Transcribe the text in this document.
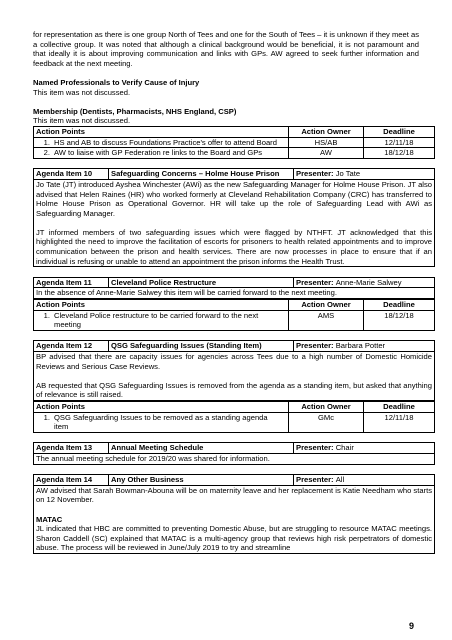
for representation as there is one group North of Tees and one for the South of Tees – it is unknown if they meet as a collective group. It was noted that although a clinical background would be beneficial, it is not paramount and that ideally it is about improving communication and links with GPs. AW agreed to seek further information and feedback at the next meeting.

Named Professionals to Verify Cause of Injury

This item was not discussed.

Membership (Dentists, Pharmacists, NHS England, CSP)

This item was not discussed.

Action Points	Action Owner	Deadline
1. HS and AB to discuss Foundations Practice's offer to attend Board	HS/AB	12/11/18
2. AW to liaise with GP Federation re links to the Board and GPs	AW	18/12/18
Agenda Item 10	Safeguarding Concerns – Holme House Prison	Presenter: Jo Tate

Jo Tate (JT) introduced Ayshea Winchester (AWi) as the new Safeguarding Manager for Holme House Prison. JT also advised that Helen Raines (HR) who worked formerly at Cleveland Rehabilitation Company (CRC) has transferred to Holme House Prison as Operational Governor. HR will take up the role of Safeguarding Lead with AWi as Safeguarding Manager.

JT informed members of two safeguarding issues which were flagged by NTHFT. JT acknowledged that this highlighted the need to improve the facilitation of escorts for prisoners to health related appointments and to improve communication between the prison and health services. There are now processes in place to ensure that if an individual is refusing or unable to attend an appointment the prison informs the Health Trust.

Agenda Item 11	Cleveland Police Restructure	Presenter: Anne-Marie Salwey

In the absence of Anne-Marie Salwey this item will be carried forward to the next meeting.

Action Points	Action Owner	Deadline
1. Cleveland Police restructure to be carried forward to the next meeting	AMS	18/12/18
Agenda Item 12	QSG Safeguarding Issues (Standing Item)	Presenter: Barbara Potter

BP advised that there are capacity issues for agencies across Tees due to a high number of Domestic Homicide Reviews and Serious Case Reviews.

AB requested that QSG Safeguarding Issues is removed from the agenda as a standing item, but asked that anything of relevance is still raised.

Action Points	Action Owner	Deadline
1. QSG Safeguarding Issues to be removed as a standing agenda item	GMc	12/11/18
Agenda Item 13	Annual Meeting Schedule	Presenter: Chair

The annual meeting schedule for 2019/20 was shared for information.

Agenda Item 14	Any Other Business	Presenter: All

AW advised that Sarah Bowman-Abouna will be on maternity leave and her replacement is Katie Needham who starts on 12 November.

MATAC

JL indicated that HBC are committed to preventing Domestic Abuse, but are struggling to resource MATAC meetings. Sharon Caddell (SC) explained that MATAC is a multi-agency group that reviews high risk perpetrators of domestic abuse. The process will be reviewed in June/July 2019 to try and streamline

9
